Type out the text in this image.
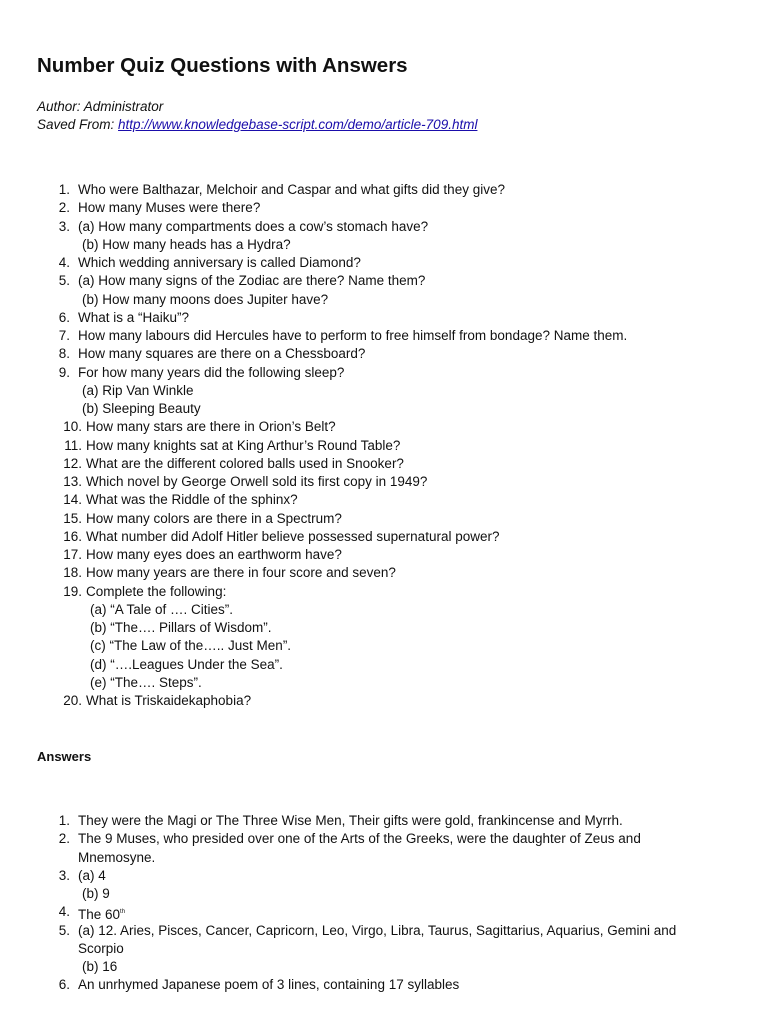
Number Quiz Questions with Answers
Author: Administrator
Saved From: http://www.knowledgebase-script.com/demo/article-709.html
1. Who were Balthazar, Melchoir and Caspar and what gifts did they give?
2. How many Muses were there?
3. (a) How many compartments does a cow’s stomach have?
(b) How many heads has a Hydra?
4. Which wedding anniversary is called Diamond?
5. (a) How many signs of the Zodiac are there? Name them?
(b) How many moons does Jupiter have?
6. What is a “Haiku”?
7. How many labours did Hercules have to perform to free himself from bondage? Name them.
8. How many squares are there on a Chessboard?
9. For how many years did the following sleep?
(a) Rip Van Winkle
(b) Sleeping Beauty
10. How many stars are there in Orion’s Belt?
11. How many knights sat at King Arthur’s Round Table?
12. What are the different colored balls used in Snooker?
13. Which novel by George Orwell sold its first copy in 1949?
14. What was the Riddle of the sphinx?
15. How many colors are there in a Spectrum?
16. What number did Adolf Hitler believe possessed supernatural power?
17. How many eyes does an earthworm have?
18. How many years are there in four score and seven?
19. Complete the following:
(a) “A Tale of …. Cities”.
(b) “The…. Pillars of Wisdom”.
(c) “The Law of the….. Just Men”.
(d) “….Leagues Under the Sea”.
(e) “The…. Steps”.
20. What is Triskaidekaphobia?
Answers
1. They were the Magi or The Three Wise Men, Their gifts were gold, frankincense and Myrrh.
2. The 9 Muses, who presided over one of the Arts of the Greeks, were the daughter of Zeus and
Mnemosyne.
3. (a) 4
(b) 9
4. The 60th
5. (a) 12. Aries, Pisces, Cancer, Capricorn, Leo, Virgo, Libra, Taurus, Sagittarius, Aquarius, Gemini and
Scorpio
(b) 16
6. An unrhymed Japanese poem of 3 lines, containing 17 syllables
